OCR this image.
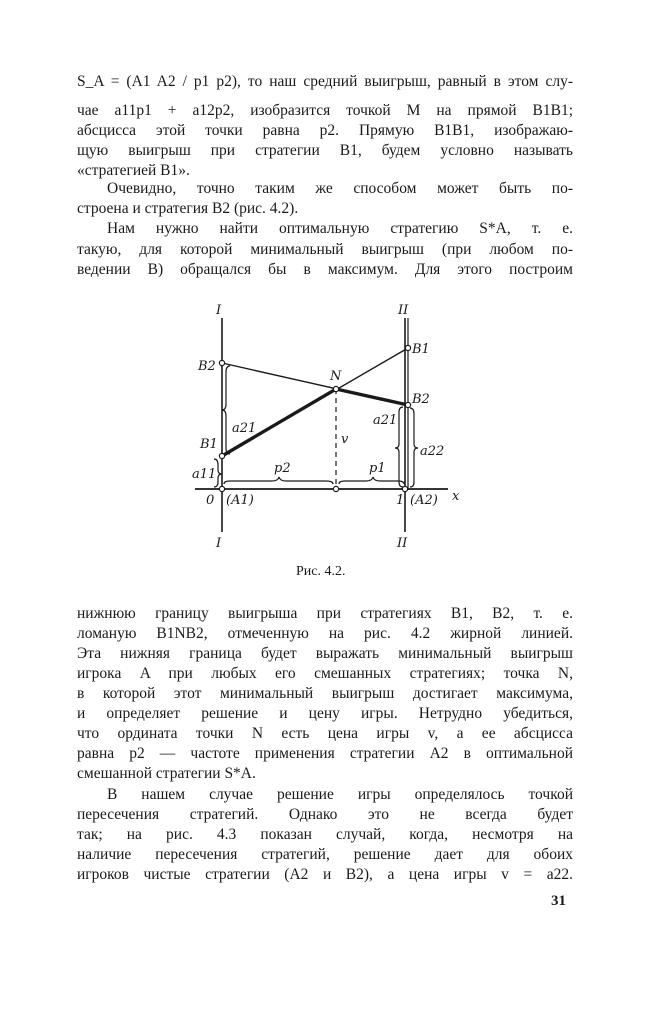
S_A = (A1 A2 / p1 p2), то наш средний выигрыш, равный в этом слу-
чае a11p1 + a12p2, изобразится точкой M на прямой B1B1;
абсцисса этой точки равна p2. Прямую B1B1, изображаю-
щую выигрыш при стратегии B1, будем условно называть
«стратегией B1».
Очевидно, точно таким же способом может быть по-
строена и стратегия B2 (рис. 4.2).
Нам нужно найти оптимальную стратегию S*A, т. е.
такую, для которой минимальный выигрыш (при любом по-
ведении B) обращался бы в максимум. Для этого построим
I	II
I	II
B2
B1
B1
B2
N
v
a21
a11
a21
a22
p2	p1
0 (A1)	1 (A2) x
Рис. 4.2.
нижнюю границу выигрыша при стратегиях B1, B2, т. е.
ломаную B1NB2, отмеченную на рис. 4.2 жирной линией.
Эта нижняя граница будет выражать минимальный выигрыш
игрока A при любых его смешанных стратегиях; точка N,
в которой этот минимальный выигрыш достигает максимума,
и определяет решение и цену игры. Нетрудно убедиться,
что ордината точки N есть цена игры v, а ее абсцисса
равна p2 — частоте применения стратегии A2 в оптимальной
смешанной стратегии S*A.
В нашем случае решение игры определялось точкой
пересечения стратегий. Однако это не всегда будет
так; на рис. 4.3 показан случай, когда, несмотря на
наличие пересечения стратегий, решение дает для обоих
игроков чистые стратегии (A2 и B2), а цена игры v = a22.
31
